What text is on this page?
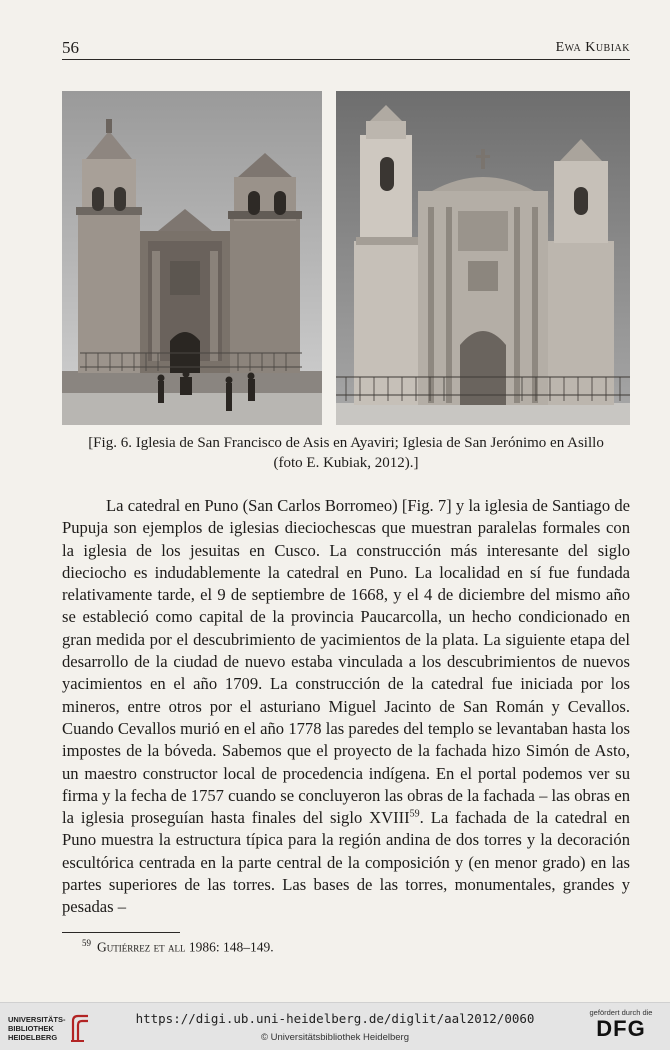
56	Ewa Kubiak
[Fig. 6. Iglesia de San Francisco de Asis en Ayaviri; Iglesia de San Jerónimo en Asillo
(foto E. Kubiak, 2012).]

La catedral en Puno (San Carlos Borromeo) [Fig. 7] y la iglesia de Santiago de Pupuja son ejemplos de iglesias dieciochescas que muestran paralelas formales con la iglesia de los jesuitas en Cusco. La construcción más interesante del siglo dieciocho es indudablemente la catedral en Puno. La localidad en sí fue fundada relativamente tarde, el 9 de septiembre de 1668, y el 4 de diciembre del mismo año se estableció como capital de la provincia Paucarcolla, un hecho condicionado en gran medida por el descubrimiento de yacimientos de la plata. La siguiente etapa del desarrollo de la ciudad de nuevo estaba vinculada a los descubrimientos de nuevos yacimientos en el año 1709. La construcción de la catedral fue iniciada por los mineros, entre otros por el asturiano Miguel Jacinto de San Román y Cevallos. Cuando Cevallos murió en el año 1778 las paredes del templo se levantaban hasta los impostes de la bóveda. Sabemos que el proyecto de la fachada hizo Simón de Asto, un maestro constructor local de procedencia indígena. En el portal podemos ver su firma y la fecha de 1757 cuando se concluyeron las obras de la fachada – las obras en la iglesia proseguían hasta finales del siglo XVIII$^{59}$. La fachada de la catedral en Puno muestra la estructura típica para la región andina de dos torres y la decoración escultórica centrada en la parte central de la composición y (en menor grado) en las partes superiores de las torres. Las bases de las torres, monumentales, grandes y pesadas –

$^{59}$ Gutiérrez et all 1986: 148–149.
UNIVERSITÄTS-
BIBLIOTHEK
HEIDELBERG
https://digi.ub.uni-heidelberg.de/diglit/aal2012/0060
© Universitätsbibliothek Heidelberg
gefördert durch die
DFG
